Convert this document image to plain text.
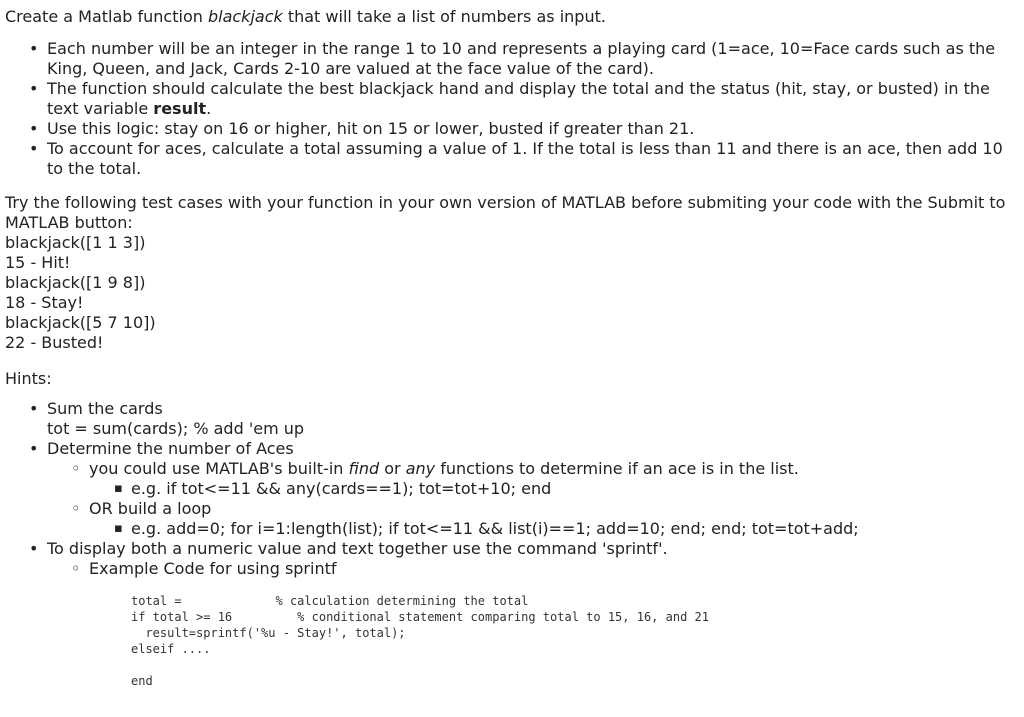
Create a Matlab function blackjack that will take a list of numbers as input.

• Each number will be an integer in the range 1 to 10 and represents a playing card (1=ace, 10=Face cards such as the King, Queen, and Jack, Cards 2-10 are valued at the face value of the card).
• The function should calculate the best blackjack hand and display the total and the status (hit, stay, or busted) in the text variable result.
• Use this logic: stay on 16 or higher, hit on 15 or lower, busted if greater than 21.
• To account for aces, calculate a total assuming a value of 1. If the total is less than 11 and there is an ace, then add 10 to the total.

Try the following test cases with your function in your own version of MATLAB before submiting your code with the Submit to MATLAB button:

blackjack([1 1 3])

15 - Hit!

blackjack([1 9 8])

18 - Stay!

blackjack([5 7 10])

22 - Busted!

Hints:

• Sum the cards
tot = sum(cards); % add 'em up
• Determine the number of Aces
◦ you could use MATLAB's built-in find or any functions to determine if an ace is in the list.
▪ e.g. if tot<=11 && any(cards==1); tot=tot+10; end
◦ OR build a loop
▪ e.g. add=0; for i=1:length(list); if tot<=11 && list(i)==1; add=10; end; end; tot=tot+add;
• To display both a numeric value and text together use the command 'sprintf'.
◦ Example Code for using sprintf
total =             % calculation determining the total
if total >= 16         % conditional statement comparing total to 15, 16, and 21
result=sprintf('%u - Stay!', total);
elseif ....

end
